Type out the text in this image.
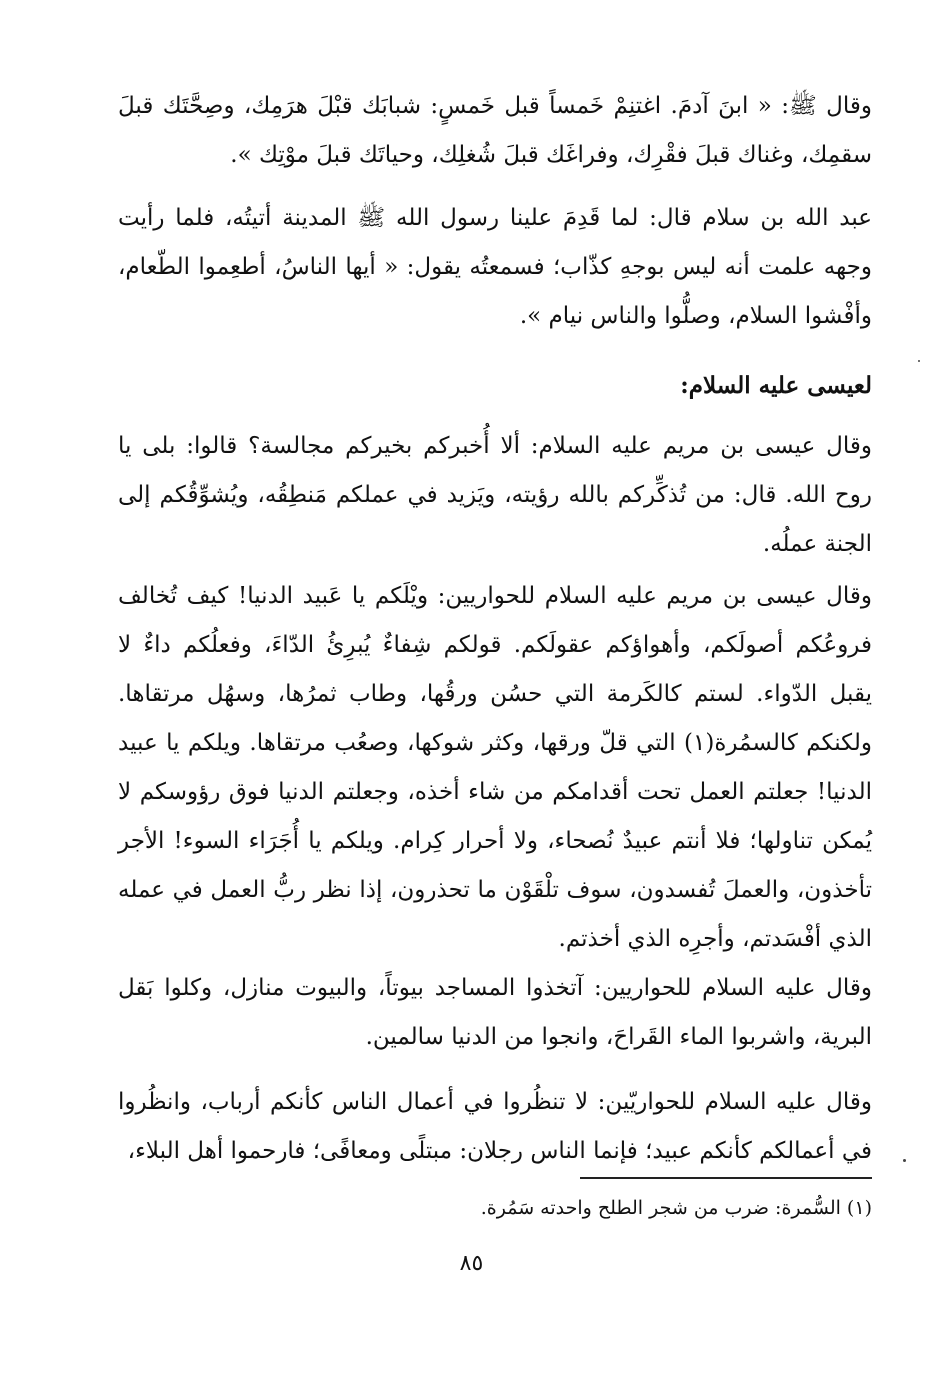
وقال ﷺ: « ابنَ آدمَ. اغتنِمْ خَمساً قبل خَمسٍ: شبابَك قبْلَ هرَمِك، وصِحَّتَك قبلَ سقمِك، وغناك قبلَ فقْرِك، وفراغَك قبلَ شُغلِك، وحياتَك قبلَ موْتِك ».

عبد الله بن سلام قال: لما قَدِمَ علينا رسول الله ﷺ المدينة أتيتُه، فلما رأيت وجهه علمت أنه ليس بوجهِ كذّاب؛ فسمعتُه يقول: « أيها الناسُ، أطعِموا الطّعام، وأفْشوا السلام، وصلُّوا والناس نيام ».

لعيسى عليه السلام:

وقال عيسى بن مريم عليه السلام: ألا أُخبركم بخيركم مجالسة؟ قالوا: بلى يا روح الله. قال: من تُذكِّركم بالله رؤيته، ويَزيد في عملكم مَنطِقُه، ويُشوِّقُكم إلى الجنة عملُه.

وقال عيسى بن مريم عليه السلام للحواريين: ويْلَكم يا عَبيد الدنيا! كيف تُخالف فروعُكم أصولَكم، وأهواؤكم عقولَكم. قولكم شِفاءٌ يُبرِئُ الدّاءَ، وفعلُكم داءٌ لا يقبل الدّواء. لستم كالكَرمة التي حسُن ورقُها، وطاب ثمرُها، وسهُل مرتقاها. ولكنكم كالسمُرة(١) التي قلّ ورقها، وكثر شوكها، وصعُب مرتقاها. ويلكم يا عبيد الدنيا! جعلتم العمل تحت أقدامكم من شاء أخذه، وجعلتم الدنيا فوق رؤوسكم لا يُمكن تناولها؛ فلا أنتم عبيدٌ نُصحاء، ولا أحرار كِرام. ويلكم يا أُجَرَاء السوء! الأجر تأخذون، والعملَ تُفسدون، سوف تلْقَوْن ما تحذرون، إذا نظر ربُّ العمل في عمله الذي أفْسَدتم، وأجرِه الذي أخذتم.

وقال عليه السلام للحواريين: آتخذوا المساجد بيوتاً، والبيوت منازل، وكلوا بَقل البرية، واشربوا الماء القَراحَ، وانجوا من الدنيا سالمين.

وقال عليه السلام للحواريّين: لا تنظُروا في أعمال الناس كأنكم أرباب، وانظُروا في أعمالكم كأنكم عبيد؛ فإنما الناس رجلان: مبتلًى ومعافًى؛ فارحموا أهل البلاء،

(١) السُّمرة: ضرب من شجر الطلح واحدته سَمُرة.

٨٥
